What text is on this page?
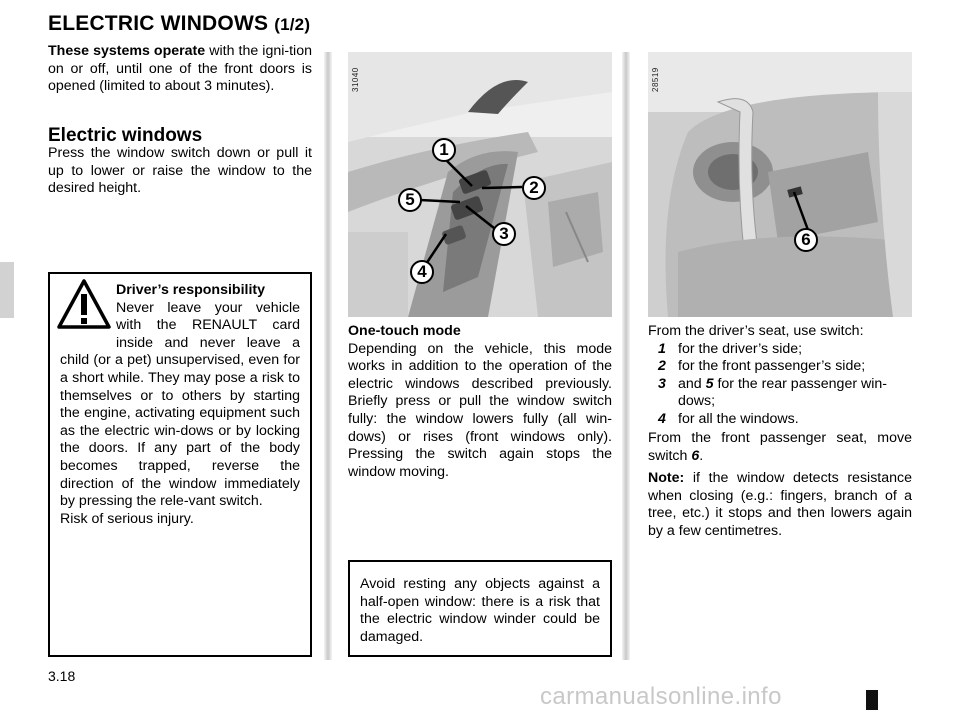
ELECTRIC WINDOWS (1/2)
These systems operate with the igni-tion on or off, until one of the front doors is opened (limited to about 3 minutes).
Electric windows
Press the window switch down or pull it up to lower or raise the window to the desired height.
Driver’s responsibility
Never leave your vehicle with the RENAULT card inside and never leave a child (or a pet) unsupervised, even for a short while. They may pose a risk to themselves or to others by starting the engine, activating equipment such as the electric win-dows or by locking the doors. If any part of the body becomes trapped, reverse the direction of the window immediately by pressing the rele-vant switch.
Risk of serious injury.
31040
1
2
3
4
5
One-touch mode
Depending on the vehicle, this mode works in addition to the operation of the electric windows described previously. Briefly press or pull the window switch fully: the window lowers fully (all win-dows) or rises (front windows only). Pressing the switch again stops the window moving.
Avoid resting any objects against a half-open window: there is a risk that the electric window winder could be damaged.
28519
6
From the driver’s seat, use switch:
1 for the driver’s side;
2 for the front passenger’s side;
3 and 5 for the rear passenger win-dows;
4 for all the windows.
From the front passenger seat, move switch 6.
Note: if the window detects resistance when closing (e.g.: fingers, branch of a tree, etc.) it stops and then lowers again by a few centimetres.
3.18
carmanualsonline.info
